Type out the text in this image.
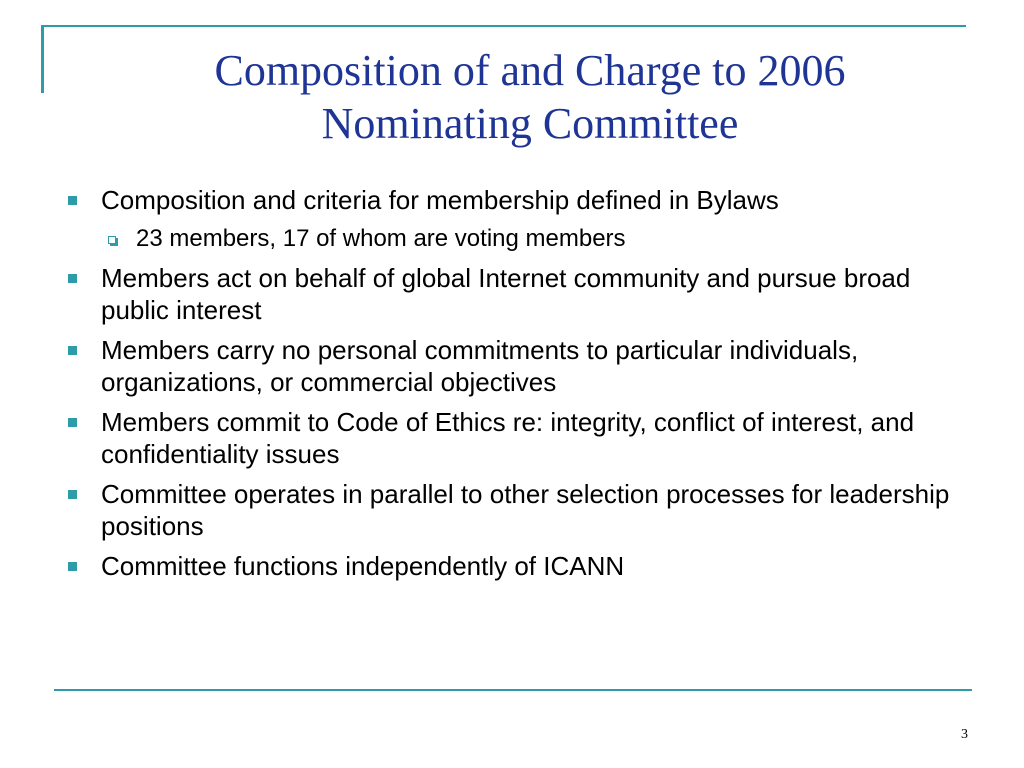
Composition of and Charge to 2006
Nominating Committee
Composition and criteria for membership defined in Bylaws
23 members, 17 of whom are voting members
Members act on behalf of global Internet community and pursue broad public interest
Members carry no personal commitments to particular individuals, organizations, or commercial objectives
Members commit to Code of Ethics re: integrity, conflict of interest, and confidentiality issues
Committee operates in parallel to other selection processes for leadership positions
Committee functions independently of ICANN
3
